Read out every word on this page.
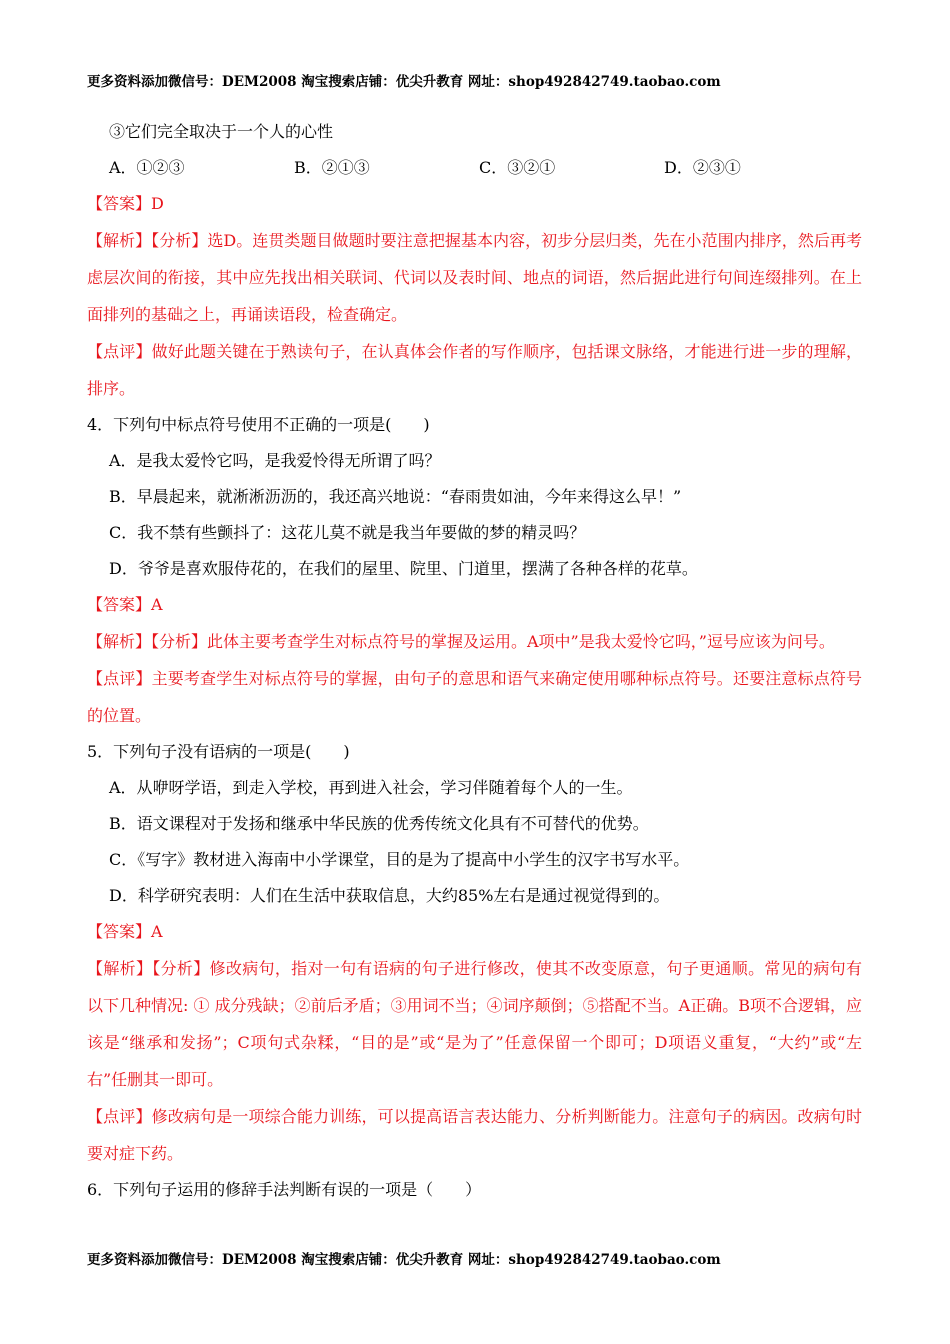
更多资料添加微信号：DEM2008 淘宝搜索店铺：优尖升教育 网址：shop492842749.taobao.com
③它们完全取决于一个人的心性
A．①②③	B．②①③	C．③②①	D．②③①
【答案】D
【解析】【分析】选D。连贯类题目做题时要注意把握基本内容，初步分层归类，先在小范围内排序，然后再考虑层次间的衔接，其中应先找出相关联词、代词以及表时间、地点的词语，然后据此进行句间连缀排列。在上面排列的基础之上，再诵读语段，检查确定。
【点评】做好此题关键在于熟读句子，在认真体会作者的写作顺序，包括课文脉络，才能进行进一步的理解，排序。
4．下列句中标点符号使用不正确的一项是(　　)
A．是我太爱怜它吗，是我爱怜得无所谓了吗？
B．早晨起来，就淅淅沥沥的，我还高兴地说：“春雨贵如油，今年来得这么早！”
C．我不禁有些颤抖了：这花儿莫不就是我当年要做的梦的精灵吗？
D．爷爷是喜欢服侍花的，在我们的屋里、院里、门道里，摆满了各种各样的花草。
【答案】A
【解析】【分析】此体主要考查学生对标点符号的掌握及运用。A项中”是我太爱怜它吗，”逗号应该为问号。
【点评】主要考查学生对标点符号的掌握，由句子的意思和语气来确定使用哪种标点符号。还要注意标点符号的位置。
5．下列句子没有语病的一项是(　　)
A．从咿呀学语，到走入学校，再到进入社会，学习伴随着每个人的一生。
B．语文课程对于发扬和继承中华民族的优秀传统文化具有不可替代的优势。
C．《写字》教材进入海南中小学课堂，目的是为了提高中小学生的汉字书写水平。
D．科学研究表明：人们在生活中获取信息，大约85%左右是通过视觉得到的。
【答案】A
【解析】【分析】修改病句，指对一句有语病的句子进行修改，使其不改变原意，句子更通顺。常见的病句有以下几种情况: ① 成分残缺；②前后矛盾；③用词不当；④词序颠倒；⑤搭配不当。A正确。B项不合逻辑，应该是“继承和发扬”；C项句式杂糅，“目的是”或“是为了”任意保留一个即可；D项语义重复，“大约”或“左右”任删其一即可。
【点评】修改病句是一项综合能力训练，可以提高语言表达能力、分析判断能力。注意句子的病因。改病句时要对症下药。
6．下列句子运用的修辞手法判断有误的一项是（　　）
更多资料添加微信号：DEM2008 淘宝搜索店铺：优尖升教育 网址：shop492842749.taobao.com
